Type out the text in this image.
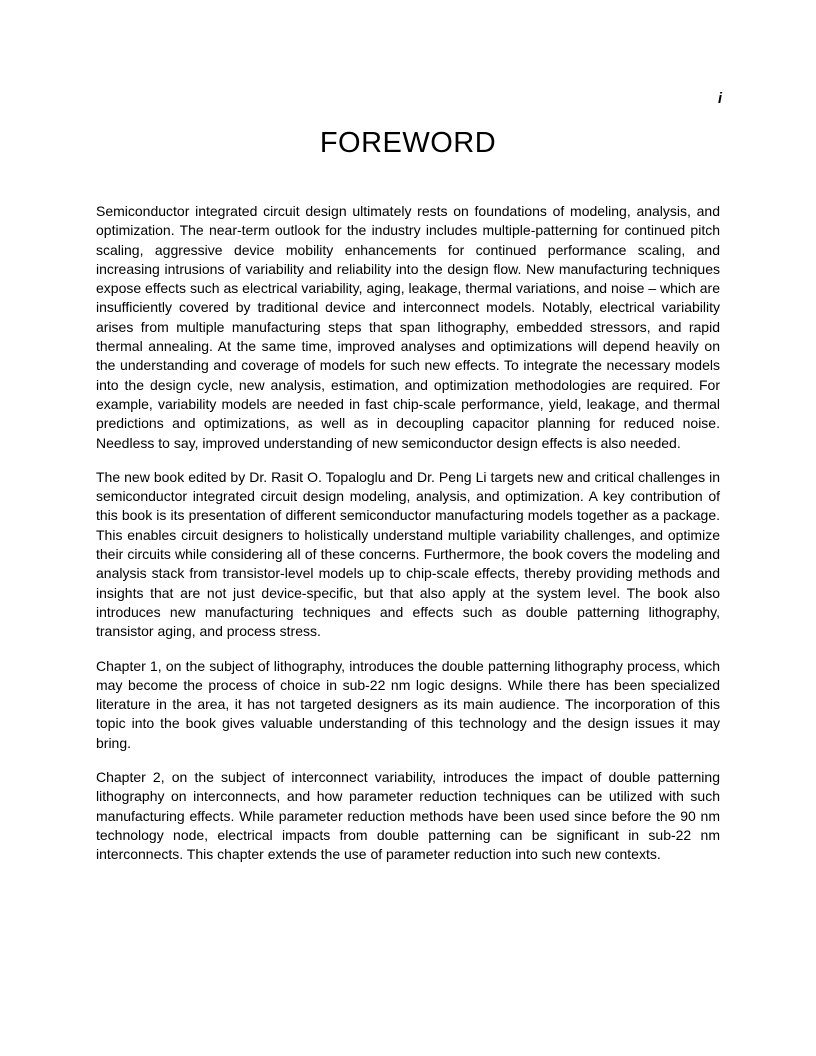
i
FOREWORD

Semiconductor integrated circuit design ultimately rests on foundations of modeling, analysis, and optimization. The near-term outlook for the industry includes multiple-patterning for continued pitch scaling, aggressive device mobility enhancements for continued performance scaling, and increasing intrusions of variability and reliability into the design flow. New manufacturing techniques expose effects such as electrical variability, aging, leakage, thermal variations, and noise – which are insufficiently covered by traditional device and interconnect models. Notably, electrical variability arises from multiple manufacturing steps that span lithography, embedded stressors, and rapid thermal annealing. At the same time, improved analyses and optimizations will depend heavily on the understanding and coverage of models for such new effects. To integrate the necessary models into the design cycle, new analysis, estimation, and optimization methodologies are required. For example, variability models are needed in fast chip-scale performance, yield, leakage, and thermal predictions and optimizations, as well as in decoupling capacitor planning for reduced noise. Needless to say, improved understanding of new semiconductor design effects is also needed.

The new book edited by Dr. Rasit O. Topaloglu and Dr. Peng Li targets new and critical challenges in semiconductor integrated circuit design modeling, analysis, and optimization. A key contribution of this book is its presentation of different semiconductor manufacturing models together as a package. This enables circuit designers to holistically understand multiple variability challenges, and optimize their circuits while considering all of these concerns. Furthermore, the book covers the modeling and analysis stack from transistor-level models up to chip-scale effects, thereby providing methods and insights that are not just device-specific, but that also apply at the system level. The book also introduces new manufacturing techniques and effects such as double patterning lithography, transistor aging, and process stress.

Chapter 1, on the subject of lithography, introduces the double patterning lithography process, which may become the process of choice in sub-22 nm logic designs. While there has been specialized literature in the area, it has not targeted designers as its main audience. The incorporation of this topic into the book gives valuable understanding of this technology and the design issues it may bring.

Chapter 2, on the subject of interconnect variability, introduces the impact of double patterning lithography on interconnects, and how parameter reduction techniques can be utilized with such manufacturing effects. While parameter reduction methods have been used since before the 90 nm technology node, electrical impacts from double patterning can be significant in sub-22 nm interconnects. This chapter extends the use of parameter reduction into such new contexts.
